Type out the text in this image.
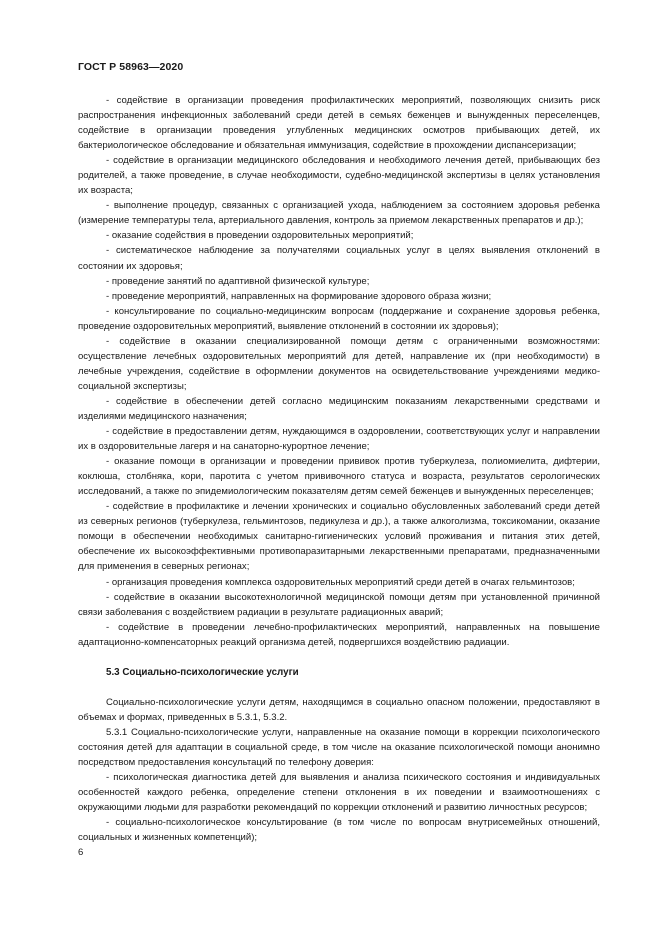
ГОСТ Р 58963—2020

- содействие в организации проведения профилактических мероприятий, позволяющих снизить риск распространения инфекционных заболеваний среди детей в семьях беженцев и вынужденных переселенцев, содействие в организации проведения углубленных медицинских осмотров прибывающих детей, их бактериологическое обследование и обязательная иммунизация, содействие в прохождении диспансеризации;

- содействие в организации медицинского обследования и необходимого лечения детей, прибывающих без родителей, а также проведение, в случае необходимости, судебно-медицинской экспертизы в целях установления их возраста;

- выполнение процедур, связанных с организацией ухода, наблюдением за состоянием здоровья ребенка (измерение температуры тела, артериального давления, контроль за приемом лекарственных препаратов и др.);

- оказание содействия в проведении оздоровительных мероприятий;

- систематическое наблюдение за получателями социальных услуг в целях выявления отклонений в состоянии их здоровья;

- проведение занятий по адаптивной физической культуре;

- проведение мероприятий, направленных на формирование здорового образа жизни;

- консультирование по социально-медицинским вопросам (поддержание и сохранение здоровья ребенка, проведение оздоровительных мероприятий, выявление отклонений в состоянии их здоровья);

- содействие в оказании специализированной помощи детям с ограниченными возможностями: осуществление лечебных оздоровительных мероприятий для детей, направление их (при необходимости) в лечебные учреждения, содействие в оформлении документов на освидетельствование учреждениями медико-социальной экспертизы;

- содействие в обеспечении детей согласно медицинским показаниям лекарственными средствами и изделиями медицинского назначения;

- содействие в предоставлении детям, нуждающимся в оздоровлении, соответствующих услуг и направлении их в оздоровительные лагеря и на санаторно-курортное лечение;

- оказание помощи в организации и проведении прививок против туберкулеза, полиомиелита, дифтерии, коклюша, столбняка, кори, паротита с учетом прививочного статуса и возраста, результатов серологических исследований, а также по эпидемиологическим показателям детям семей беженцев и вынужденных переселенцев;

- содействие в профилактике и лечении хронических и социально обусловленных заболеваний среди детей из северных регионов (туберкулеза, гельминтозов, педикулеза и др.), а также алкоголизма, токсикомании, оказание помощи в обеспечении необходимых санитарно-гигиенических условий проживания и питания этих детей, обеспечение их высокоэффективными противопаразитарными лекарственными препаратами, предназначенными для применения в северных регионах;

- организация проведения комплекса оздоровительных мероприятий среди детей в очагах гельминтозов;

- содействие в оказании высокотехнологичной медицинской помощи детям при установленной причинной связи заболевания с воздействием радиации в результате радиационных аварий;

- содействие в проведении лечебно-профилактических мероприятий, направленных на повышение адаптационно-компенсаторных реакций организма детей, подвергшихся воздействию радиации.

5.3 Социально-психологические услуги

Социально-психологические услуги детям, находящимся в социально опасном положении, предоставляют в объемах и формах, приведенных в 5.3.1, 5.3.2.

5.3.1 Социально-психологические услуги, направленные на оказание помощи в коррекции психологического состояния детей для адаптации в социальной среде, в том числе на оказание психологической помощи анонимно посредством предоставления консультаций по телефону доверия:

- психологическая диагностика детей для выявления и анализа психического состояния и индивидуальных особенностей каждого ребенка, определение степени отклонения в их поведении и взаимоотношениях с окружающими людьми для разработки рекомендаций по коррекции отклонений и развитию личностных ресурсов;

- социально-психологическое консультирование (в том числе по вопросам внутрисемейных отношений, социальных и жизненных компетенций);

6
